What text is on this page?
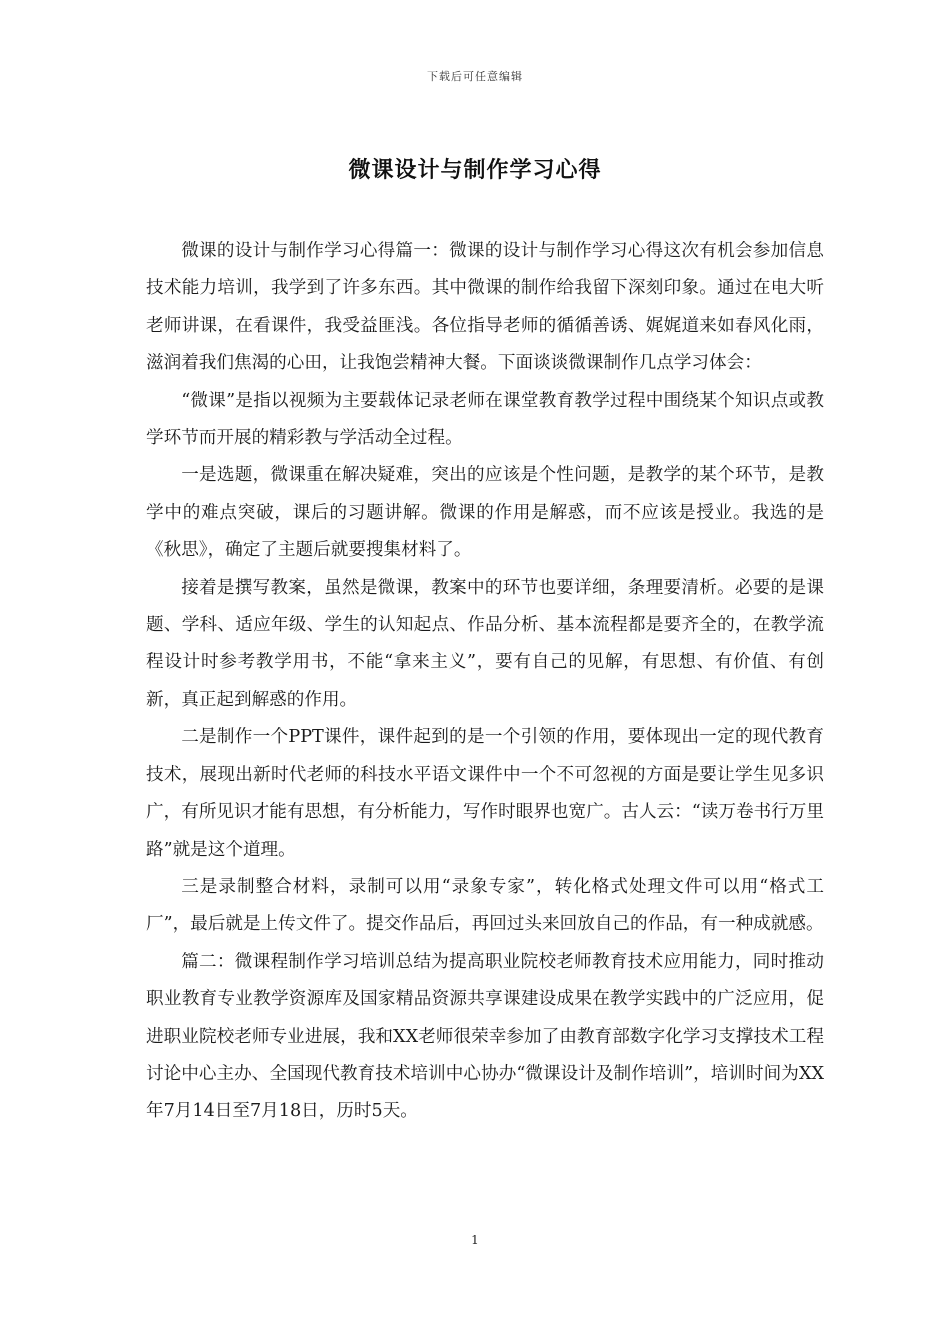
下载后可任意编辑
微课设计与制作学习心得

微课的设计与制作学习心得篇一：微课的设计与制作学习心得这次有机会参加信息技术能力培训，我学到了许多东西。其中微课的制作给我留下深刻印象。通过在电大听老师讲课，在看课件，我受益匪浅。各位指导老师的循循善诱、娓娓道来如春风化雨，滋润着我们焦渴的心田，让我饱尝精神大餐。下面谈谈微课制作几点学习体会：

“微课”是指以视频为主要载体记录老师在课堂教育教学过程中围绕某个知识点或教学环节而开展的精彩教与学活动全过程。

一是选题，微课重在解决疑难，突出的应该是个性问题，是教学的某个环节，是教学中的难点突破，课后的习题讲解。微课的作用是解惑，而不应该是授业。我选的是《秋思》，确定了主题后就要搜集材料了。

接着是撰写教案，虽然是微课，教案中的环节也要详细，条理要清析。必要的是课题、学科、适应年级、学生的认知起点、作品分析、基本流程都是要齐全的，在教学流程设计时参考教学用书，不能“拿来主义”，要有自己的见解，有思想、有价值、有创新，真正起到解惑的作用。

二是制作一个PPT课件，课件起到的是一个引领的作用，要体现出一定的现代教育技术，展现出新时代老师的科技水平语文课件中一个不可忽视的方面是要让学生见多识广，有所见识才能有思想，有分析能力，写作时眼界也宽广。古人云：“读万卷书行万里路”就是这个道理。

三是录制整合材料，录制可以用“录象专家”，转化格式处理文件可以用“格式工厂”，最后就是上传文件了。提交作品后，再回过头来回放自己的作品，有一种成就感。

篇二：微课程制作学习培训总结为提高职业院校老师教育技术应用能力，同时推动职业教育专业教学资源库及国家精品资源共享课建设成果在教学实践中的广泛应用，促进职业院校老师专业进展，我和XX老师很荣幸参加了由教育部数字化学习支撑技术工程讨论中心主办、全国现代教育技术培训中心协办“微课设计及制作培训”，培训时间为XX年7月14日至7月18日，历时5天。

1
